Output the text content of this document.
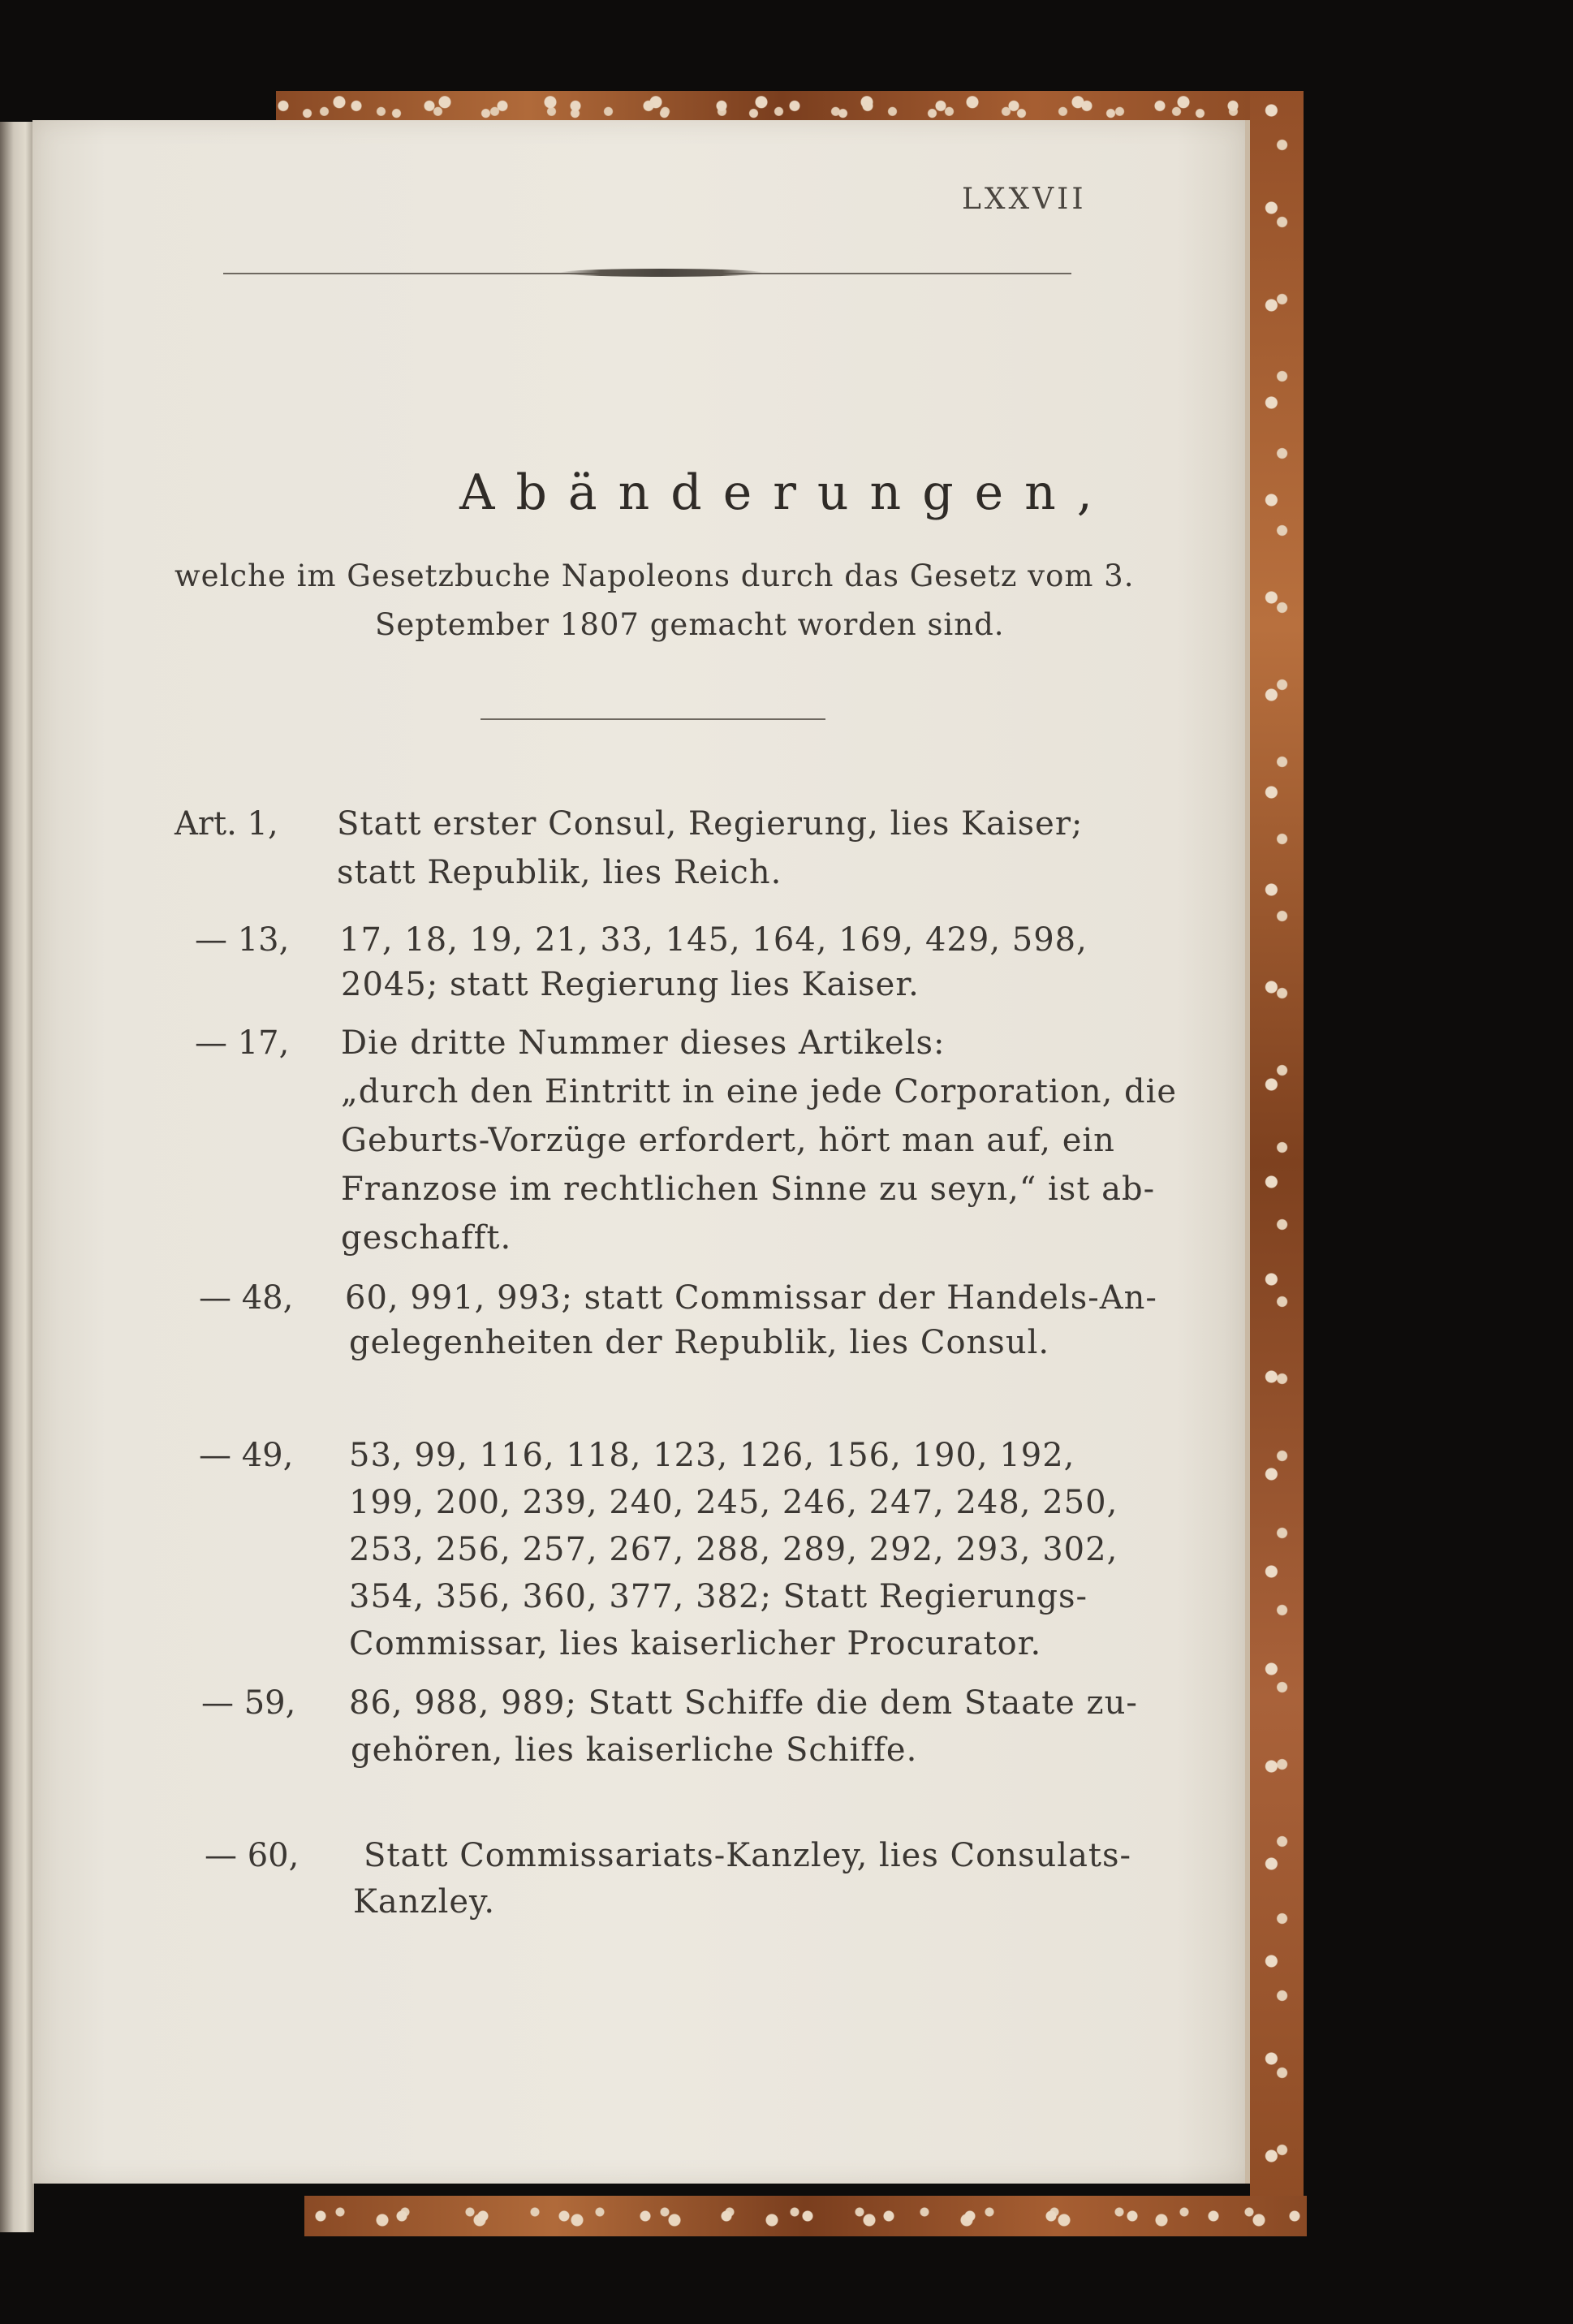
LXXVII
Abänderungen,
welche im Gesetzbuche Napoleons durch das Gesetz vom 3.
September 1807 gemacht worden sind.
Art. 1, Statt erster Consul, Regierung, lies Kaiser;
statt Republik, lies Reich.
— 13, 17, 18, 19, 21, 33, 145, 164, 169, 429, 598,
2045; statt Regierung lies Kaiser.
— 17, Die dritte Nummer dieses Artikels:
„durch den Eintritt in eine jede Corporation, die
Geburts-Vorzüge erfordert, hört man auf, ein
Franzose im rechtlichen Sinne zu seyn,“ ist ab-
geschafft.
— 48, 60, 991, 993; statt Commissar der Handels-An-
gelegenheiten der Republik, lies Consul.
— 49, 53, 99, 116, 118, 123, 126, 156, 190, 192,
199, 200, 239, 240, 245, 246, 247, 248, 250,
253, 256, 257, 267, 288, 289, 292, 293, 302,
354, 356, 360, 377, 382; Statt Regierungs-
Commissar, lies kaiserlicher Procurator.
— 59, 86, 988, 989; Statt Schiffe die dem Staate zu-
gehören, lies kaiserliche Schiffe.
— 60, Statt Commissariats-Kanzley, lies Consulats-
Kanzley.
